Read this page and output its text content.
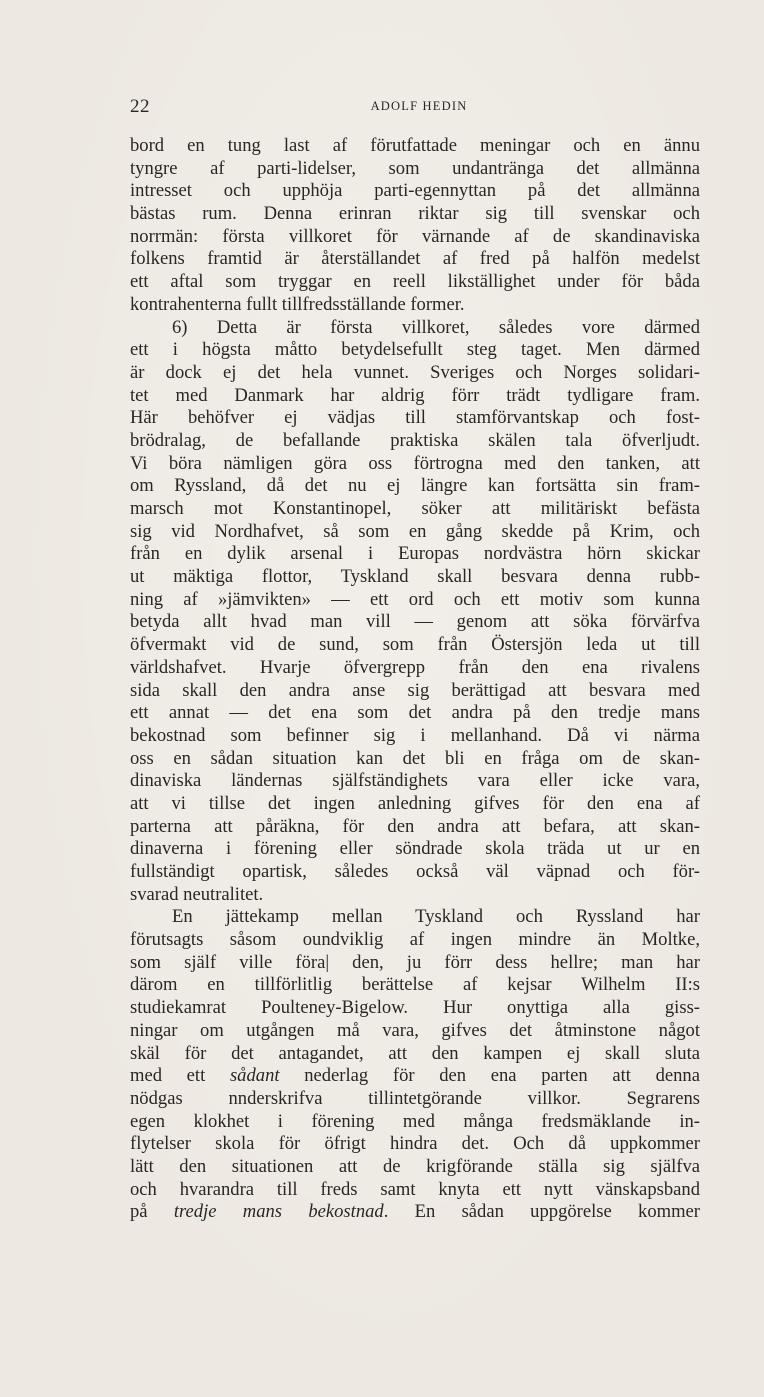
22	ADOLF HEDIN
bord en tung last af förutfattade meningar och en ännu
tyngre af parti-lidelser, som undantränga det allmänna
intresset och upphöja parti-egennyttan på det allmänna
bästas rum. Denna erinran riktar sig till svenskar och
norrmän: första villkoret för värnande af de skandinaviska
folkens framtid är återställandet af fred på halfön medelst
ett aftal som tryggar en reell likställighet under för båda
kontrahenterna fullt tillfredsställande former.
6) Detta är första villkoret, således vore därmed
ett i högsta måtto betydelsefullt steg taget. Men därmed
är dock ej det hela vunnet. Sveriges och Norges solidari-
tet med Danmark har aldrig förr trädt tydligare fram.
Här behöfver ej vädjas till stamförvantskap och fost-
brödralag, de befallande praktiska skälen tala öfverljudt.
Vi böra nämligen göra oss förtrogna med den tanken, att
om Ryssland, då det nu ej längre kan fortsätta sin fram-
marsch mot Konstantinopel, söker att militäriskt befästa
sig vid Nordhafvet, så som en gång skedde på Krim, och
från en dylik arsenal i Europas nordvästra hörn skickar
ut mäktiga flottor, Tyskland skall besvara denna rubb-
ning af »jämvikten» — ett ord och ett motiv som kunna
betyda allt hvad man vill — genom att söka förvärfva
öfvermakt vid de sund, som från Östersjön leda ut till
världshafvet. Hvarje öfvergrepp från den ena rivalens
sida skall den andra anse sig berättigad att besvara med
ett annat — det ena som det andra på den tredje mans
bekostnad som befinner sig i mellanhand. Då vi närma
oss en sådan situation kan det bli en fråga om de skan-
dinaviska ländernas själfständighets vara eller icke vara,
att vi tillse det ingen anledning gifves för den ena af
parterna att påräkna, för den andra att befara, att skan-
dinaverna i förening eller söndrade skola träda ut ur en
fullständigt opartisk, således också väl väpnad och för-
svarad neutralitet.
En jättekamp mellan Tyskland och Ryssland har
förutsagts såsom oundviklig af ingen mindre än Moltke,
som själf ville föra| den, ju förr dess hellre; man har
därom en tillförlitlig berättelse af kejsar Wilhelm II:s
studiekamrat Poulteney-Bigelow. Hur onyttiga alla giss-
ningar om utgången må vara, gifves det åtminstone något
skäl för det antagandet, att den kampen ej skall sluta
med ett sådant nederlag för den ena parten att denna
nödgas nnderskrifva tillintetgörande villkor. Segrarens
egen klokhet i förening med många fredsmäklande in-
flytelser skola för öfrigt hindra det. Och då uppkommer
lätt den situationen att de krigförande ställa sig själfva
och hvarandra till freds samt knyta ett nytt vänskapsband
på tredje mans bekostnad. En sådan uppgörelse kommer
